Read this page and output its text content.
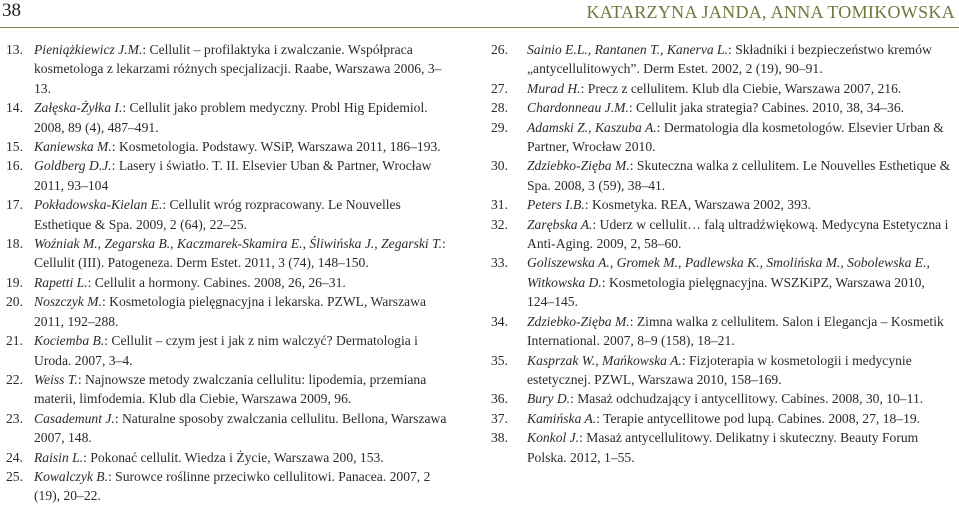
38	KATARZYNA JANDA, ANNA TOMIKOWSKA

13. Pieniążkiewicz J.M.: Cellulit – profilaktyka i zwalczanie. Współpraca kosmetologa z lekarzami różnych specjalizacji. Raabe, Warszawa 2006, 3–13.

14. Załęska-Żyłka I.: Cellulit jako problem medyczny. Probl Hig Epidemiol. 2008, 89 (4), 487–491.

15. Kaniewska M.: Kosmetologia. Podstawy. WSiP, Warszawa 2011, 186–193.

16. Goldberg D.J.: Lasery i światło. T. II. Elsevier Uban & Partner, Wrocław 2011, 93–104

17. Pokładowska-Kielan E.: Cellulit wróg rozpracowany. Le Nouvelles Esthetique & Spa. 2009, 2 (64), 22–25.

18. Woźniak M., Zegarska B., Kaczmarek-Skamira E., Śliwińska J., Zegarski T.: Cellulit (III). Patogeneza. Derm Estet. 2011, 3 (74), 148–150.

19. Rapetti L.: Cellulit a hormony. Cabines. 2008, 26, 26–31.

20. Noszczyk M.: Kosmetologia pielęgnacyjna i lekarska. PZWL, Warszawa 2011, 192–288.

21. Kociemba B.: Cellulit – czym jest i jak z nim walczyć? Dermatologia i Uroda. 2007, 3–4.

22. Weiss T.: Najnowsze metody zwalczania cellulitu: lipodemia, przemiana materii, limfodemia. Klub dla Ciebie, Warszawa 2009, 96.

23. Casademunt J.: Naturalne sposoby zwalczania cellulitu. Bellona, Warszawa 2007, 148.

24. Raisin L.: Pokonać cellulit. Wiedza i Życie, Warszawa 200, 153.

25. Kowalczyk B.: Surowce roślinne przeciwko cellulitowi. Panacea. 2007, 2 (19), 20–22.

26. Sainio E.L., Rantanen T., Kanerva L.: Składniki i bezpieczeństwo kremów „antycellulitowych”. Derm Estet. 2002, 2 (19), 90–91.

27. Murad H.: Precz z cellulitem. Klub dla Ciebie, Warszawa 2007, 216.

28. Chardonneau J.M.: Cellulit jaka strategia? Cabines. 2010, 38, 34–36.

29. Adamski Z., Kaszuba A.: Dermatologia dla kosmetologów. Elsevier Urban & Partner, Wrocław 2010.

30. Zdziebko-Zięba M.: Skuteczna walka z cellulitem. Le Nouvelles Esthetique & Spa. 2008, 3 (59), 38–41.

31. Peters I.B.: Kosmetyka. REA, Warszawa 2002, 393.

32. Zarębska A.: Uderz w cellulit… falą ultradźwiękową. Medycyna Estetyczna i Anti-Aging. 2009, 2, 58–60.

33. Goliszewska A., Gromek M., Padlewska K., Smolińska M., Sobolewska E., Witkowska D.: Kosmetologia pielęgnacyjna. WSZKiPZ, Warszawa 2010, 124–145.

34. Zdziebko-Zięba M.: Zimna walka z cellulitem. Salon i Elegancja – Kosmetik International. 2007, 8–9 (158), 18–21.

35. Kasprzak W., Mańkowska A.: Fizjoterapia w kosmetologii i medycynie estetycznej. PZWL, Warszawa 2010, 158–169.

36. Bury D.: Masaż odchudzający i antycellitowy. Cabines. 2008, 30, 10–11.

37. Kamińska A.: Terapie antycellitowe pod lupą. Cabines. 2008, 27, 18–19.

38. Konkol J.: Masaż antycellulitowy. Delikatny i skuteczny. Beauty Forum Polska. 2012, 1–55.
